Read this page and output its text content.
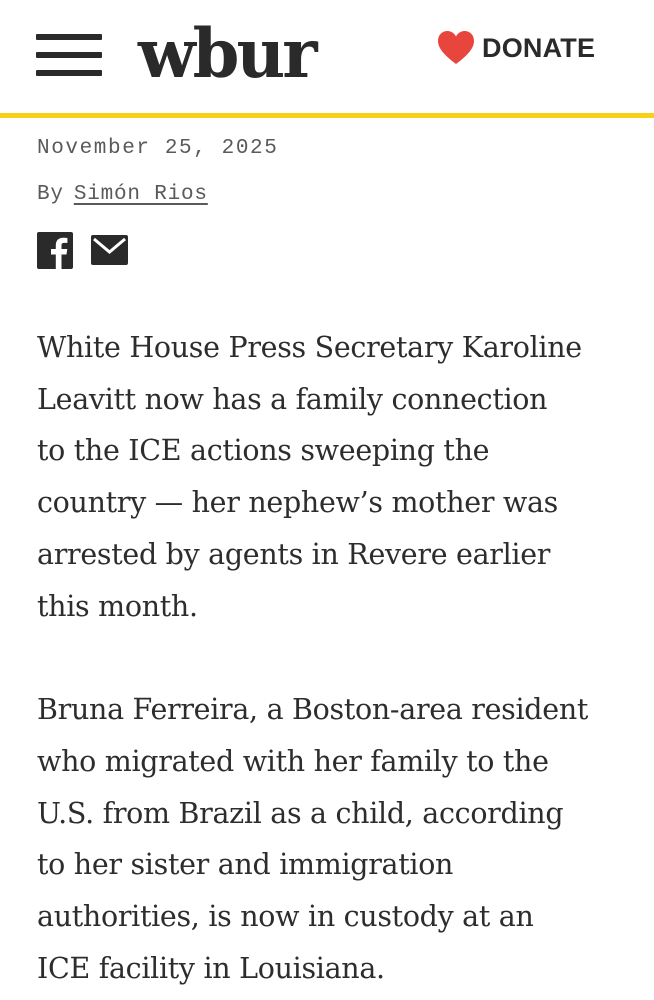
wbur	DONATE
November 25, 2025
By Simón Rios

White House Press Secretary Karoline
Leavitt now has a family connection
to the ICE actions sweeping the
country — her nephew’s mother was
arrested by agents in Revere earlier
this month.

Bruna Ferreira, a Boston-area resident
who migrated with her family to the
U.S. from Brazil as a child, according
to her sister and immigration
authorities, is now in custody at an
ICE facility in Louisiana.
